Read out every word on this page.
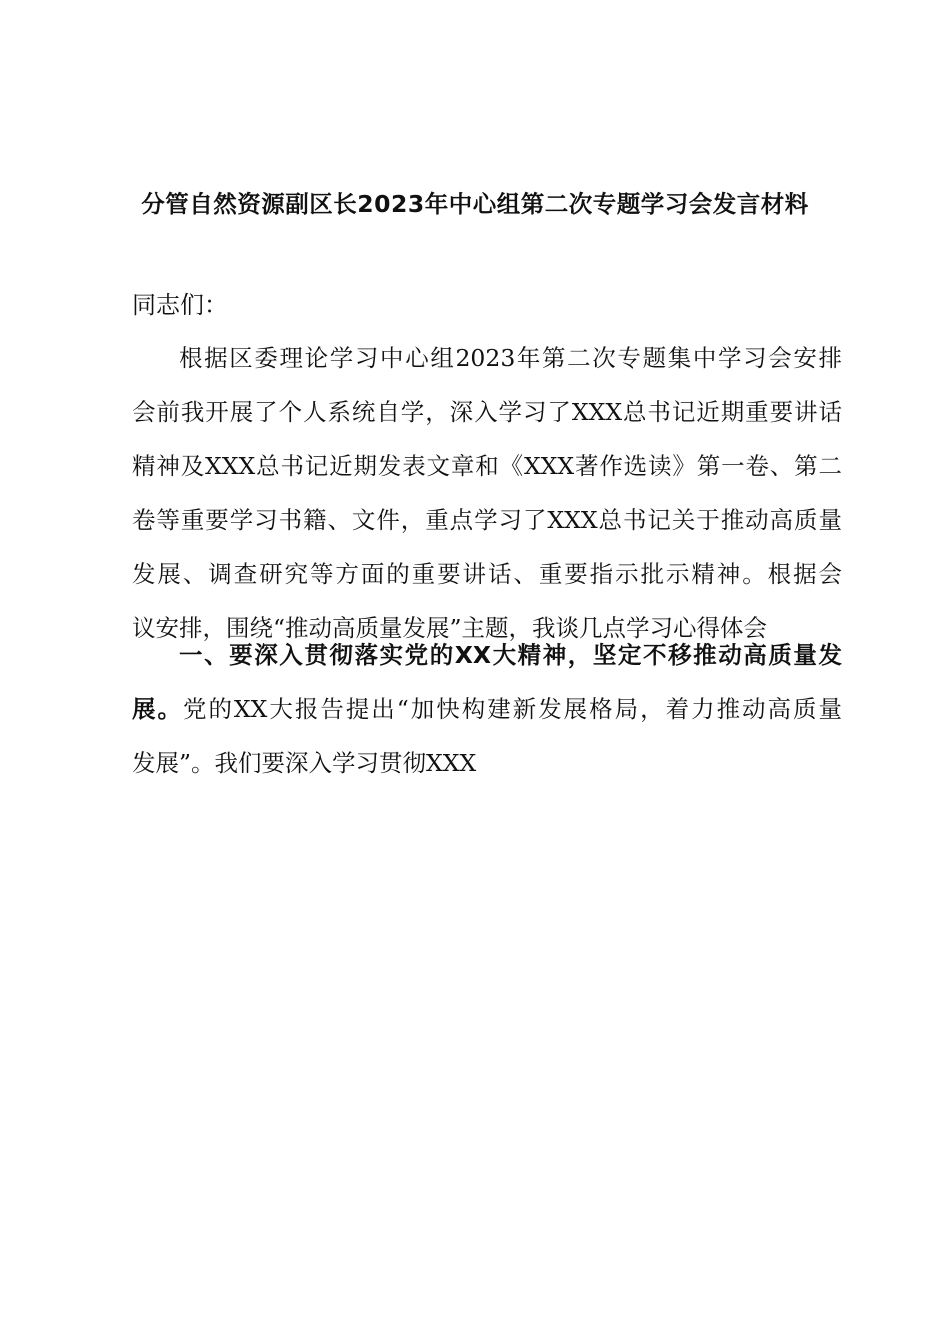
分管自然资源副区长2023年中心组第二次专题学习会发言材料
同志们：
根据区委理论学习中心组2023年第二次专题集中学习会安排
会前我开展了个人系统自学，深入学习了XXX总书记近期重要讲话
精神及XXX总书记近期发表文章和《XXX著作选读》第一卷、第二
卷等重要学习书籍、文件，重点学习了XXX总书记关于推动高质量
发展、调查研究等方面的重要讲话、重要指示批示精神。根据会
议安排，围绕“推动高质量发展”主题，我谈几点学习心得体会
一、要深入贯彻落实党的XX大精神，坚定不移推动高质量发
展。党的XX大报告提出“加快构建新发展格局，着力推动高质量
发展”。我们要深入学习贯彻XXX
